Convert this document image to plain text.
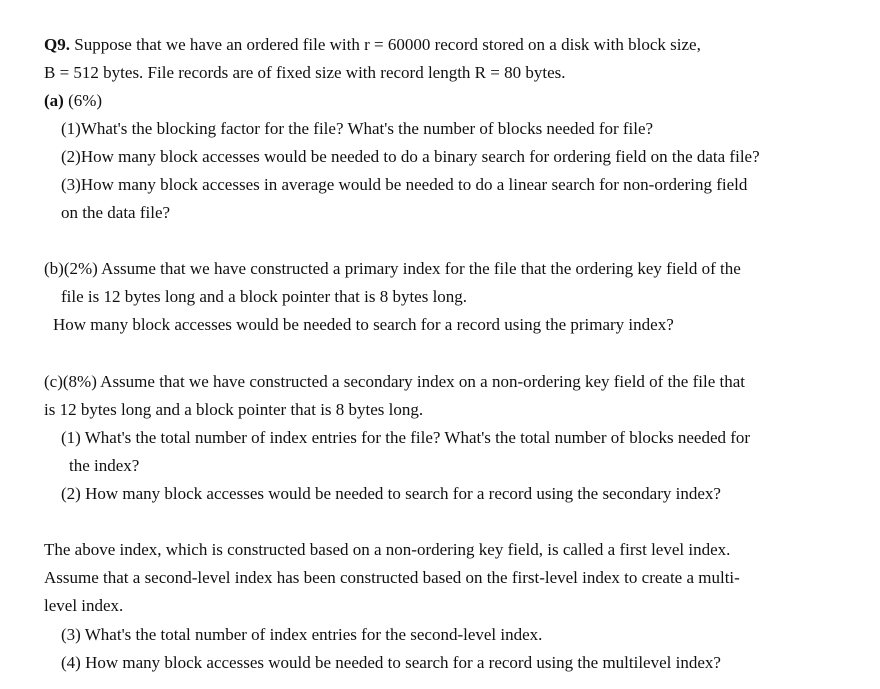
Q9. Suppose that we have an ordered file with r = 60000 record stored on a disk with block size,
B = 512 bytes. File records are of fixed size with record length R = 80 bytes.
(a) (6%)
(1)What's the blocking factor for the file? What's the number of blocks needed for file?
(2)How many block accesses would be needed to do a binary search for ordering field on the data file?
(3)How many block accesses in average would be needed to do a linear search for non-ordering field
on the data file?
(b)(2%) Assume that we have constructed a primary index for the file that the ordering key field of the
file is 12 bytes long and a block pointer that is 8 bytes long.
How many block accesses would be needed to search for a record using the primary index?
(c)(8%) Assume that we have constructed a secondary index on a non-ordering key field of the file that
is 12 bytes long and a block pointer that is 8 bytes long.
(1) What's the total number of index entries for the file? What's the total number of blocks needed for
the index?
(2) How many block accesses would be needed to search for a record using the secondary index?
The above index, which is constructed based on a non-ordering key field, is called a first level index.
Assume that a second-level index has been constructed based on the first-level index to create a multi-
level index.
(3) What's the total number of index entries for the second-level index.
(4) How many block accesses would be needed to search for a record using the multilevel index?
